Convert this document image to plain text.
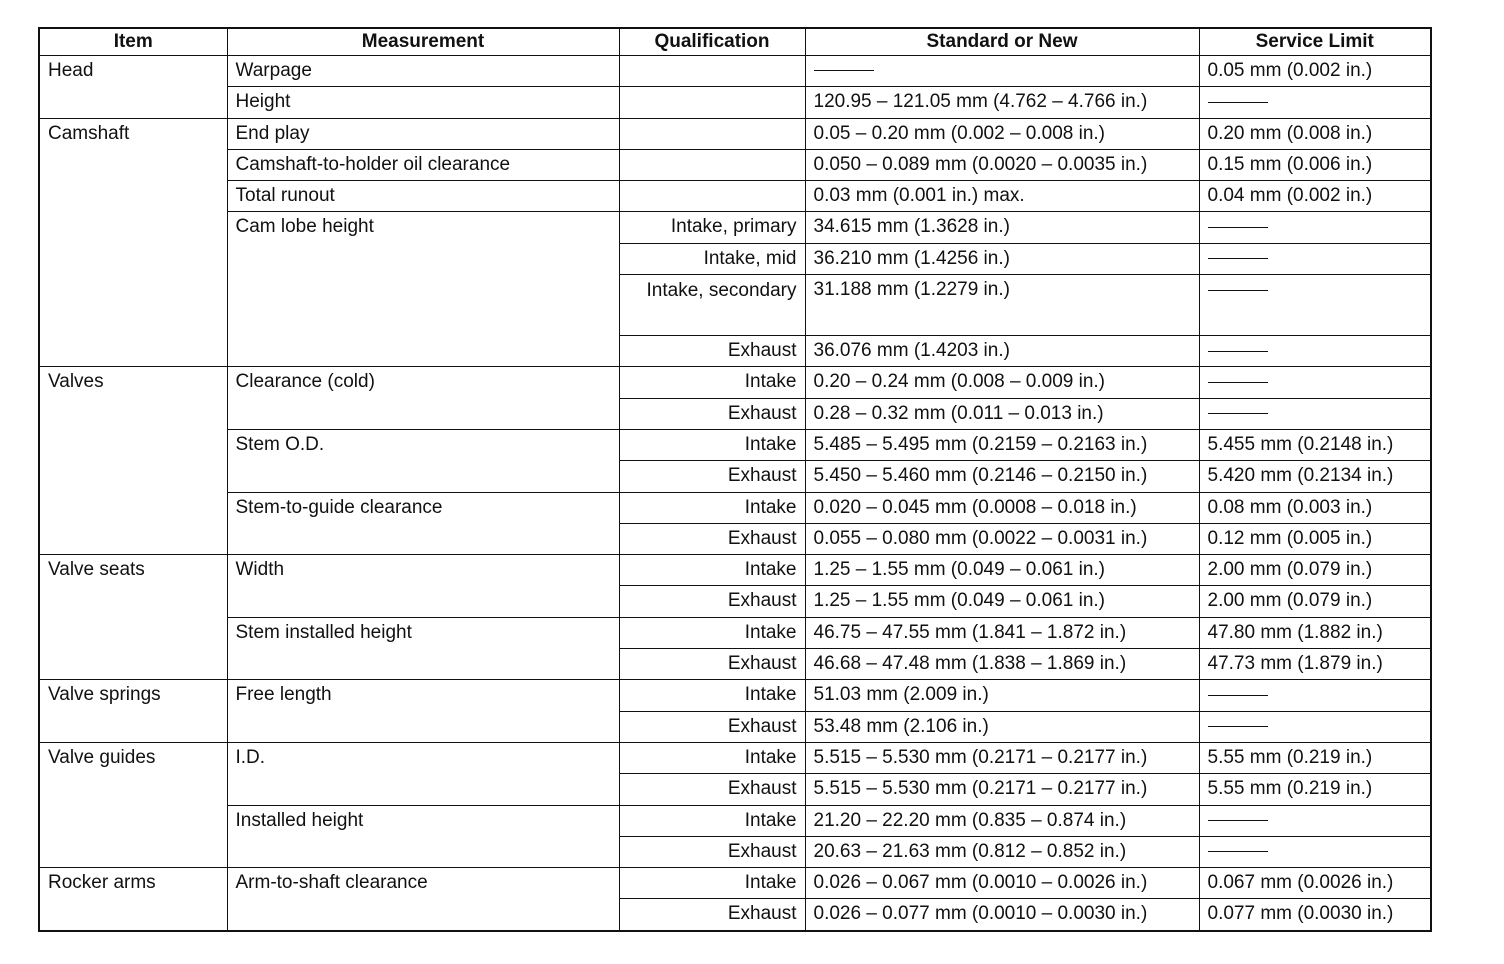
Item	Measurement	Qualification	Standard or New	Service Limit
Head	Warpage			0.05 mm (0.002 in.)
	Height		120.95 – 121.05 mm (4.762 – 4.766 in.)	
Camshaft	End play		0.05 – 0.20 mm (0.002 – 0.008 in.)	0.20 mm (0.008 in.)
	Camshaft-to-holder oil clearance		0.050 – 0.089 mm (0.0020 – 0.0035 in.)	0.15 mm (0.006 in.)
	Total runout		0.03 mm (0.001 in.) max.	0.04 mm (0.002 in.)
	Cam lobe height	Intake, primary	34.615 mm (1.3628 in.)	
		Intake, mid	36.210 mm (1.4256 in.)	

		Intake, secondary	31.188 mm (1.2279 in.)	
		Exhaust	36.076 mm (1.4203 in.)	
Valves	Clearance (cold)	Intake	0.20 – 0.24 mm (0.008 – 0.009 in.)	
		Exhaust	0.28 – 0.32 mm (0.011 – 0.013 in.)	
	Stem O.D.	Intake	5.485 – 5.495 mm (0.2159 – 0.2163 in.)	5.455 mm (0.2148 in.)
		Exhaust	5.450 – 5.460 mm (0.2146 – 0.2150 in.)	5.420 mm (0.2134 in.)
	Stem-to-guide clearance	Intake	0.020 – 0.045 mm (0.0008 – 0.018 in.)	0.08 mm (0.003 in.)
		Exhaust	0.055 – 0.080 mm (0.0022 – 0.0031 in.)	0.12 mm (0.005 in.)
Valve seats	Width	Intake	1.25 – 1.55 mm (0.049 – 0.061 in.)	2.00 mm (0.079 in.)
		Exhaust	1.25 – 1.55 mm (0.049 – 0.061 in.)	2.00 mm (0.079 in.)
	Stem installed height	Intake	46.75 – 47.55 mm (1.841 – 1.872 in.)	47.80 mm (1.882 in.)
		Exhaust	46.68 – 47.48 mm (1.838 – 1.869 in.)	47.73 mm (1.879 in.)
Valve springs	Free length	Intake	51.03 mm (2.009 in.)	
		Exhaust	53.48 mm (2.106 in.)	
Valve guides	I.D.	Intake	5.515 – 5.530 mm (0.2171 – 0.2177 in.)	5.55 mm (0.219 in.)
		Exhaust	5.515 – 5.530 mm (0.2171 – 0.2177 in.)	5.55 mm (0.219 in.)
	Installed height	Intake	21.20 – 22.20 mm (0.835 – 0.874 in.)	
		Exhaust	20.63 – 21.63 mm (0.812 – 0.852 in.)	
Rocker arms	Arm-to-shaft clearance	Intake	0.026 – 0.067 mm (0.0010 – 0.0026 in.)	0.067 mm (0.0026 in.)
		Exhaust	0.026 – 0.077 mm (0.0010 – 0.0030 in.)	0.077 mm (0.0030 in.)
